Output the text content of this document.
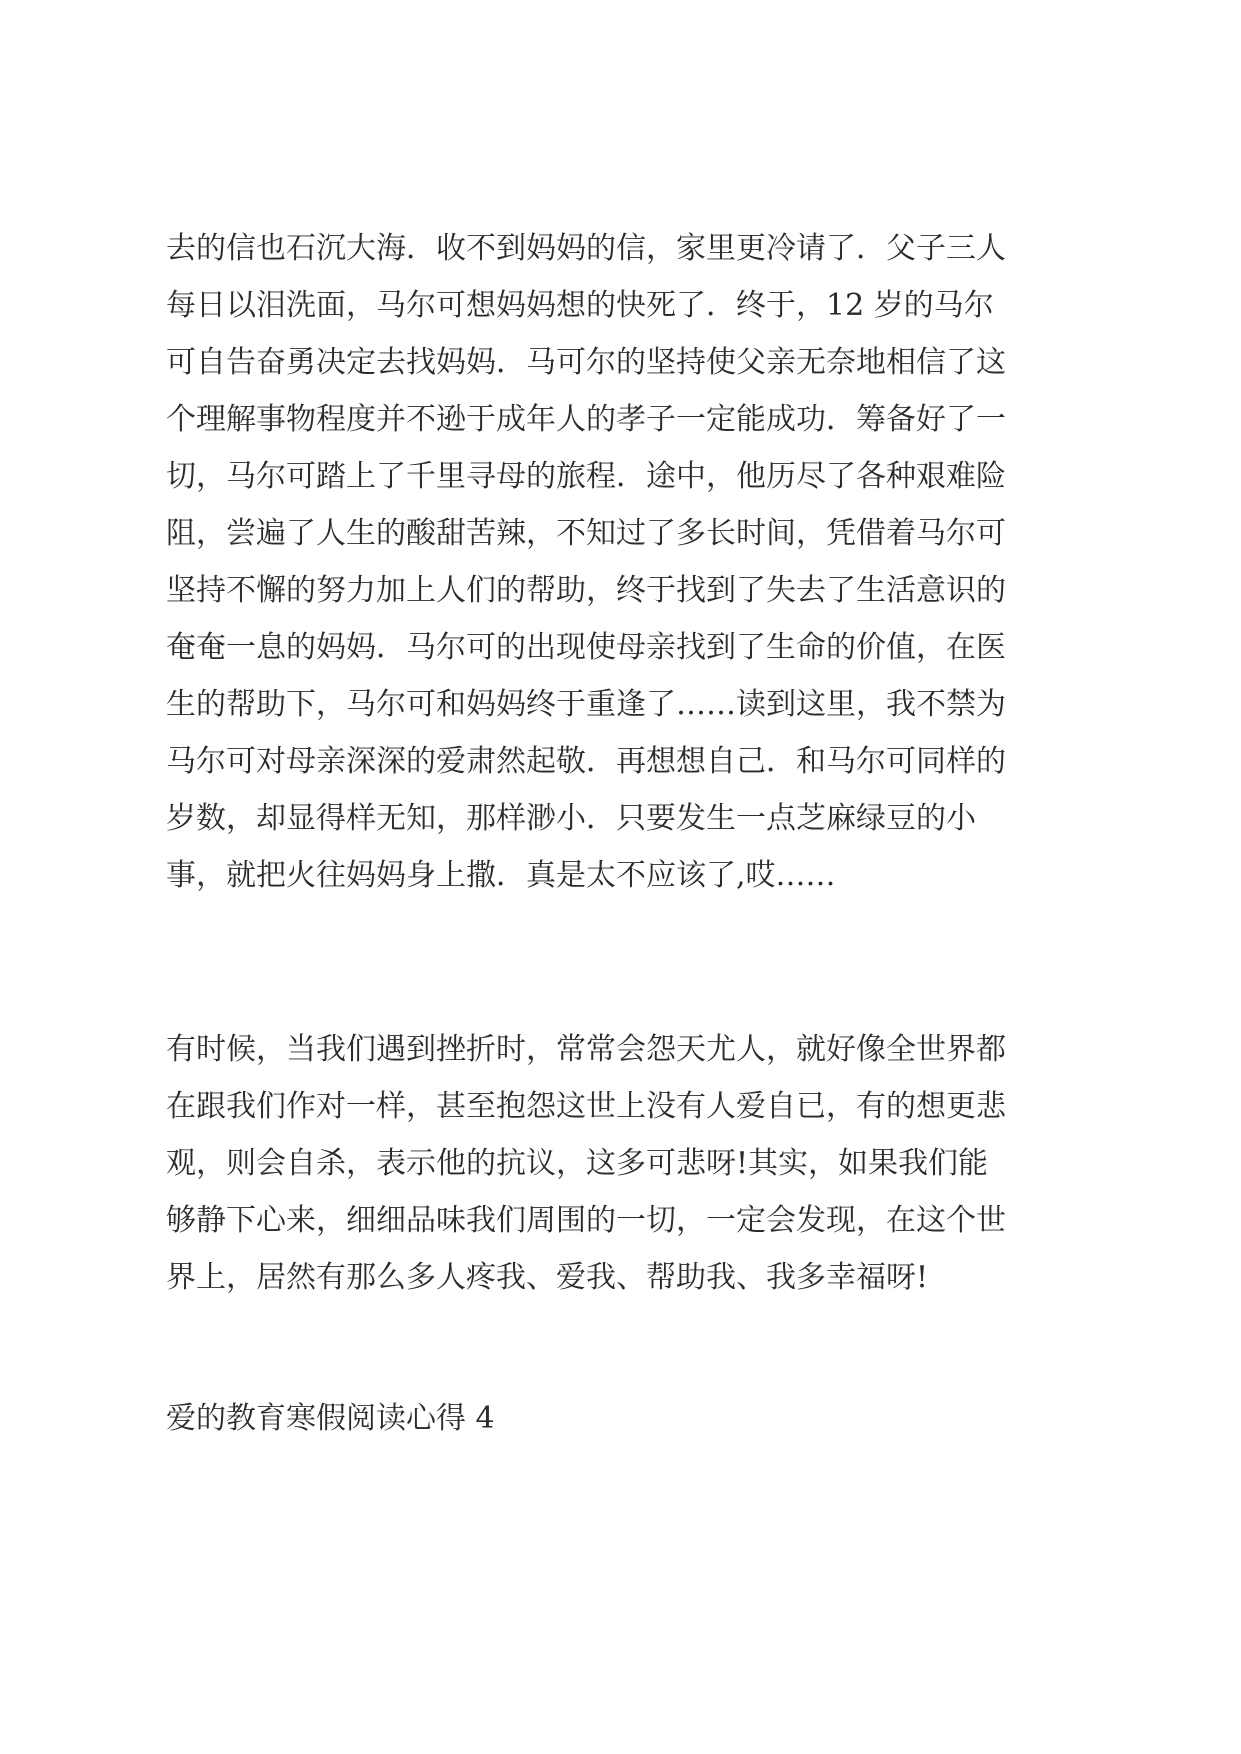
去的信也石沉大海．收不到妈妈的信，家里更冷请了．父子三人

每日以泪洗面，马尔可想妈妈想的快死了．终于，12 岁的马尔

可自告奋勇决定去找妈妈．马可尔的坚持使父亲无奈地相信了这

个理解事物程度并不逊于成年人的孝子一定能成功．筹备好了一

切，马尔可踏上了千里寻母的旅程．途中，他历尽了各种艰难险

阻，尝遍了人生的酸甜苦辣，不知过了多长时间，凭借着马尔可

坚持不懈的努力加上人们的帮助，终于找到了失去了生活意识的

奄奄一息的妈妈．马尔可的出现使母亲找到了生命的价值，在医

生的帮助下，马尔可和妈妈终于重逢了……读到这里，我不禁为

马尔可对母亲深深的爱肃然起敬．再想想自己．和马尔可同样的

岁数，却显得样无知，那样渺小．只要发生一点芝麻绿豆的小

事，就把火往妈妈身上撒．真是太不应该了,哎……

有时候，当我们遇到挫折时，常常会怨天尤人，就好像全世界都

在跟我们作对一样，甚至抱怨这世上没有人爱自已，有的想更悲

观，则会自杀，表示他的抗议，这多可悲呀!其实，如果我们能

够静下心来，细细品味我们周围的一切，一定会发现，在这个世

界上，居然有那么多人疼我、爱我、帮助我、我多幸福呀!

爱的教育寒假阅读心得 4
